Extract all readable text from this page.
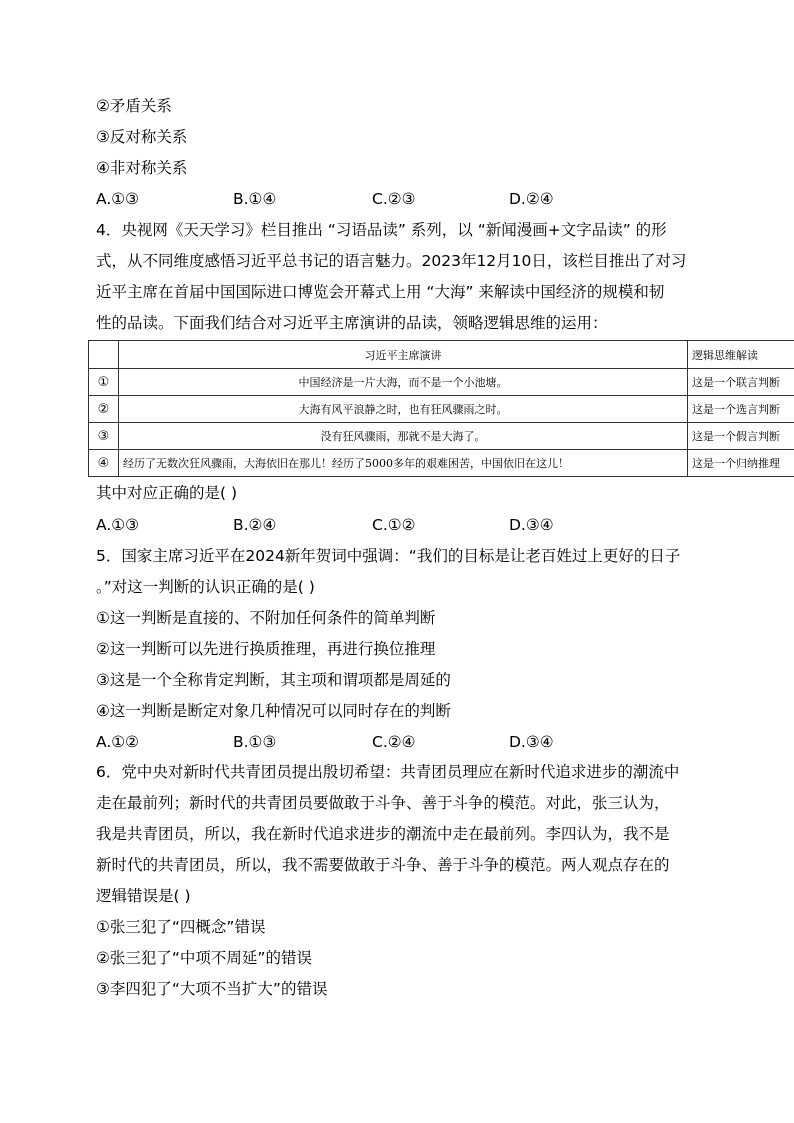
②矛盾关系
③反对称关系
④非对称关系
A.①③	B.①④	C.②③	D.②④
4．央视网《天天学习》栏目推出 “习语品读” 系列，以 “新闻漫画+文字品读” 的形
式，从不同维度感悟习近平总书记的语言魅力。2023年12月10日，该栏目推出了对习
近平主席在首届中国国际进口博览会开幕式上用 “大海” 来解读中国经济的规模和韧
性的品读。下面我们结合对习近平主席演讲的品读，领略逻辑思维的运用：
	习近平主席演讲	逻辑思维解读
①	中国经济是一片大海，而不是一个小池塘。	这是一个联言判断
②	大海有风平浪静之时，也有狂风骤雨之时。	这是一个选言判断
③	没有狂风骤雨，那就不是大海了。	这是一个假言判断
④	经历了无数次狂风骤雨，大海依旧在那儿！经历了5000多年的艰难困苦，中国依旧在这儿！	这是一个归纳推理
其中对应正确的是( )
A.①③	B.②④	C.①②	D.③④
5．国家主席习近平在2024新年贺词中强调：“我们的目标是让老百姓过上更好的日子
。”对这一判断的认识正确的是( )
①这一判断是直接的、不附加任何条件的简单判断
②这一判断可以先进行换质推理，再进行换位推理
③这是一个全称肯定判断，其主项和谓项都是周延的
④这一判断是断定对象几种情况可以同时存在的判断
A.①②	B.①③	C.②④	D.③④
6．党中央对新时代共青团员提出殷切希望：共青团员理应在新时代追求进步的潮流中
走在最前列；新时代的共青团员要做敢于斗争、善于斗争的模范。对此，张三认为，
我是共青团员，所以，我在新时代追求进步的潮流中走在最前列。李四认为，我不是
新时代的共青团员，所以，我不需要做敢于斗争、善于斗争的模范。两人观点存在的
逻辑错误是( )
①张三犯了“四概念”错误
②张三犯了“中项不周延”的错误
③李四犯了“大项不当扩大”的错误
